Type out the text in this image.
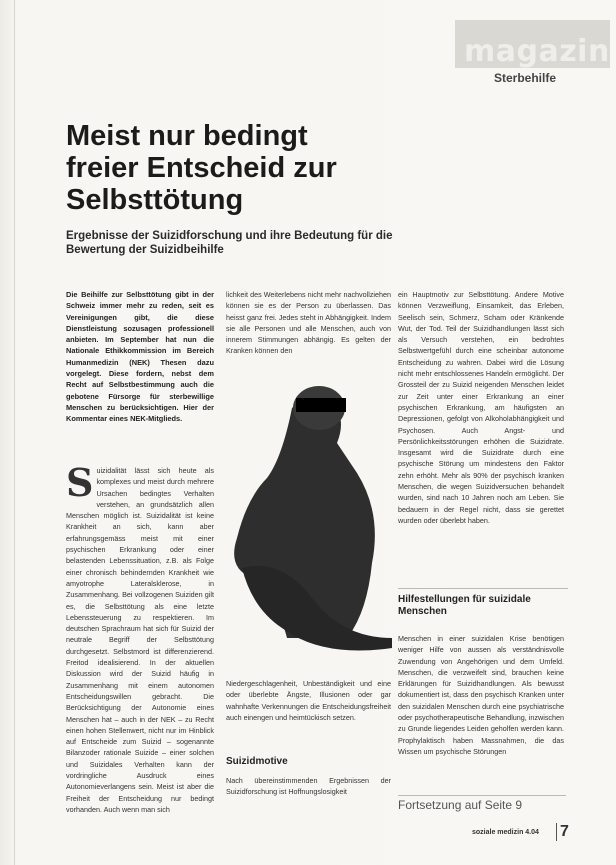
magazin
Sterbehilfe
Meist nur bedingt
freier Entscheid zur
Selbsttötung
Ergebnisse der Suizidforschung und ihre Bedeutung für die Bewertung der Suizidbeihilfe
Die Beihilfe zur Selbsttötung gibt in der Schweiz immer mehr zu reden, seit es Vereinigungen gibt, die diese Dienstleistung sozusagen professionell anbieten. Im September hat nun die Nationale Ethikkommission im Bereich Humanmedizin (NEK) Thesen dazu vorgelegt. Diese fordern, nebst dem Recht auf Selbstbestimmung auch die gebotene Fürsorge für sterbewillige Menschen zu berücksichtigen. Hier der Kommentar eines NEK-Mitglieds.
S uizidalität lässt sich heute als komplexes und meist durch mehrere Ursachen bedingtes Verhalten verstehen, an grundsätzlich allen Menschen möglich ist. Suizidalität ist keine Krankheit an sich, kann aber erfahrungsgemäss meist mit einer psychischen Erkrankung oder einer belastenden Lebenssituation, z.B. als Folge einer chronisch behindernden Krankheit wie amyotrophe Lateralsklerose, in Zusammenhang. Bei vollzogenen Suiziden gilt es, die Selbsttötung als eine letzte Lebenssteuerung zu respektieren. Im deutschen Sprachraum hat sich für Suizid der neutrale Begriff der Selbsttötung durchgesetzt. Selbstmord ist differenzierend. Freitod idealisierend. In der aktuellen Diskussion wird der Suizid häufig in Zusammenhang mit einem autonomen Entscheidungswillen gebracht. Die Berücksichtigung der Autonomie eines Menschen hat – auch in der NEK – zu Recht einen hohen Stellenwert, nicht nur im Hinblick auf Entscheide zum Suizid – sogenannte Bilanzoder rationale Suizide – einer solchen und Suizidales Verhalten kann der vordringliche Ausdruck eines Autonomieverlangens sein. Meist ist aber die Freiheit der Entscheidung nur bedingt vorhanden. Auch wenn man sich
lichkeit des Weiterlebens nicht mehr nachvollziehen können sie es der Person zu überlassen. Das heisst ganz frei. Jedes steht in Abhängigkeit. Indem sie alle Personen und alle Menschen, auch von innerem Stimmungen abhängig. Es gelten der Kranken können den
Niedergeschlagenheit, Unbeständigkeit und eine oder überlebte Ängste, Illusionen oder gar wahnhafte Verkennungen die Entscheidungsfreiheit auch einengen und heimtückisch setzen.
Suizidmotive
Nach übereinstimmenden Ergebnissen der Suizidforschung ist Hoffnungslosigkeit
ein Hauptmotiv zur Selbsttötung. Andere Motive können Verzweiflung, Einsamkeit, das Erleben, Seelisch sein, Schmerz, Scham oder Kränkende Wut, der Tod. Teil der Suizidhandlungen lässt sich als Versuch verstehen, ein bedrohtes Selbstwertgefühl durch eine scheinbar autonome Entscheidung zu wahren. Dabei wird die Lösung nicht mehr entschlossenes Handeln ermöglicht. Der Grossteil der zu Suizid neigenden Menschen leidet zur Zeit unter einer Erkrankung an einer psychischen Erkrankung, am häufigsten an Depressionen, gefolgt von Alkoholabhängigkeit und Psychosen. Auch Angst- und Persönlichkeitsstörungen erhöhen die Suizidrate. Insgesamt wird die Suizidrate durch eine psychische Störung um mindestens den Faktor zehn erhöht. Mehr als 90% der psychisch kranken Menschen, die wegen Suizidversuchen behandelt wurden, sind nach 10 Jahren noch am Leben. Sie bedauern in der Regel nicht, dass sie gerettet wurden oder überlebt haben.
Hilfestellungen für suizidale Menschen
Menschen in einer suizidalen Krise benötigen weniger Hilfe von aussen als verständnisvolle Zuwendung von Angehörigen und dem Umfeld. Menschen, die verzweifelt sind, brauchen keine Erklärungen für Suizidhandlungen. Als bewusst dokumentiert ist, dass den psychisch Kranken unter den suizidalen Menschen durch eine psychiatrische oder psychotherapeutische Behandlung, inzwischen zu Grunde liegendes Leiden geholfen werden kann. Prophylaktisch haben Massnahmen, die das Wissen um psychische Störungen
Fortsetzung auf Seite 9
soziale medizin 4.04 7
